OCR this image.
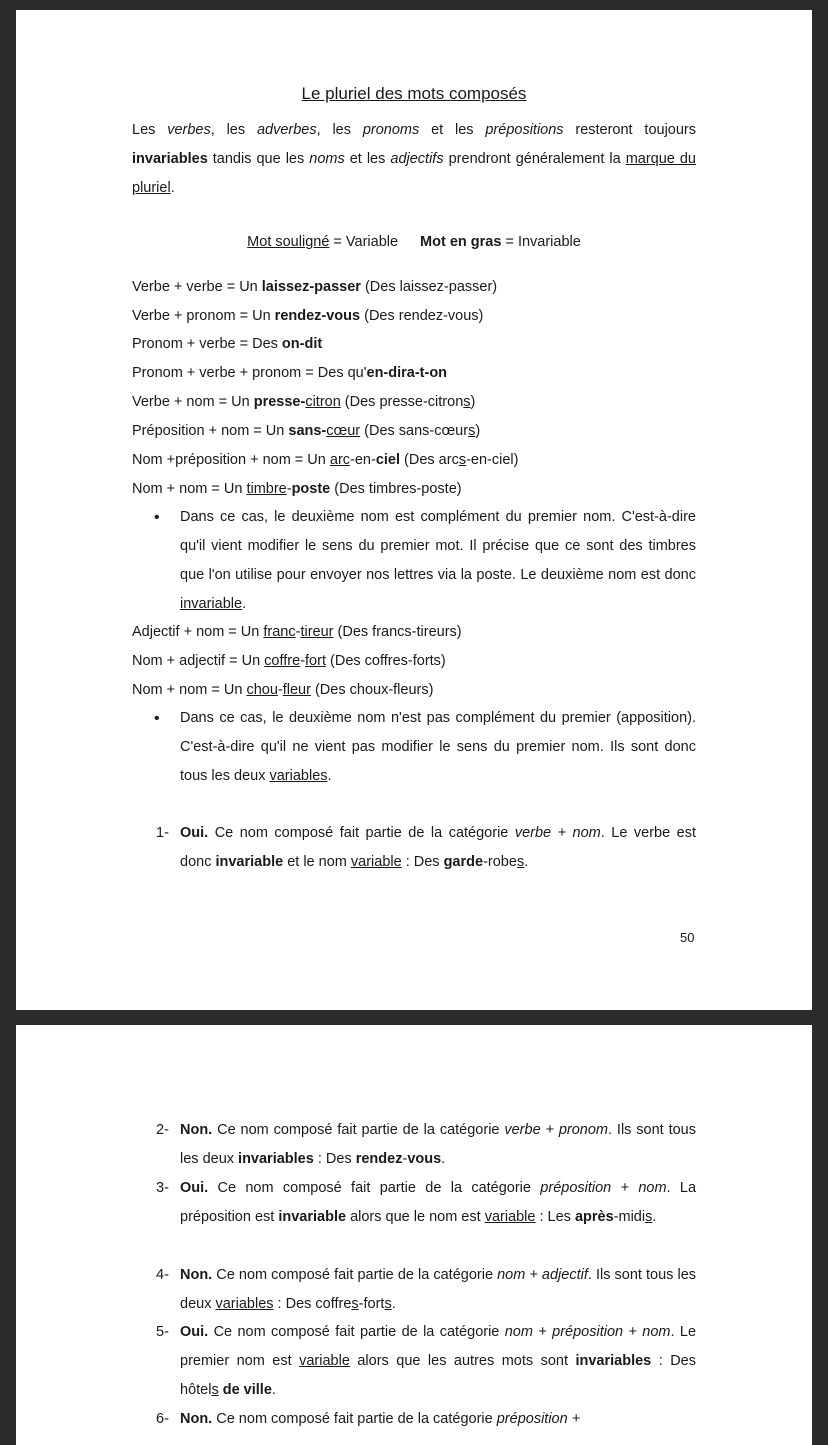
Le pluriel des mots composés
Les verbes, les adverbes, les pronoms et les prépositions resteront toujours invariables tandis que les noms et les adjectifs prendront généralement la marque du pluriel.
Mot souligné = Variable Mot en gras = Invariable
Verbe + verbe = Un laissez-passer (Des laissez-passer)
Verbe + pronom = Un rendez-vous (Des rendez-vous)
Pronom + verbe = Des on-dit
Pronom + verbe + pronom = Des qu'en-dira-t-on
Verbe + nom = Un presse-citron (Des presse-citrons)
Préposition + nom = Un sans-cœur (Des sans-cœurs)
Nom +préposition + nom = Un arc-en-ciel (Des arcs-en-ciel)
Nom + nom = Un timbre-poste (Des timbres-poste)
• Dans ce cas, le deuxième nom est complément du premier nom. C'est-à-dire qu'il vient modifier le sens du premier mot. Il précise que ce sont des timbres que l'on utilise pour envoyer nos lettres via la poste. Le deuxième nom est donc invariable.
Adjectif + nom = Un franc-tireur (Des francs-tireurs)
Nom + adjectif = Un coffre-fort (Des coffres-forts)
Nom + nom = Un chou-fleur (Des choux-fleurs)
• Dans ce cas, le deuxième nom n'est pas complément du premier (apposition). C'est-à-dire qu'il ne vient pas modifier le sens du premier nom. Ils sont donc tous les deux variables.
1- Oui. Ce nom composé fait partie de la catégorie verbe + nom. Le verbe est donc invariable et le nom variable : Des garde-robes.
50
2- Non. Ce nom composé fait partie de la catégorie verbe + pronom. Ils sont tous les deux invariables : Des rendez-vous.
3- Oui. Ce nom composé fait partie de la catégorie préposition + nom. La préposition est invariable alors que le nom est variable : Les après-midis.
4- Non. Ce nom composé fait partie de la catégorie nom + adjectif. Ils sont tous les deux variables : Des coffres-forts.
5- Oui. Ce nom composé fait partie de la catégorie nom + préposition + nom. Le premier nom est variable alors que les autres mots sont invariables : Des hôtels de ville.
6- Non. Ce nom composé fait partie de la catégorie préposition +
